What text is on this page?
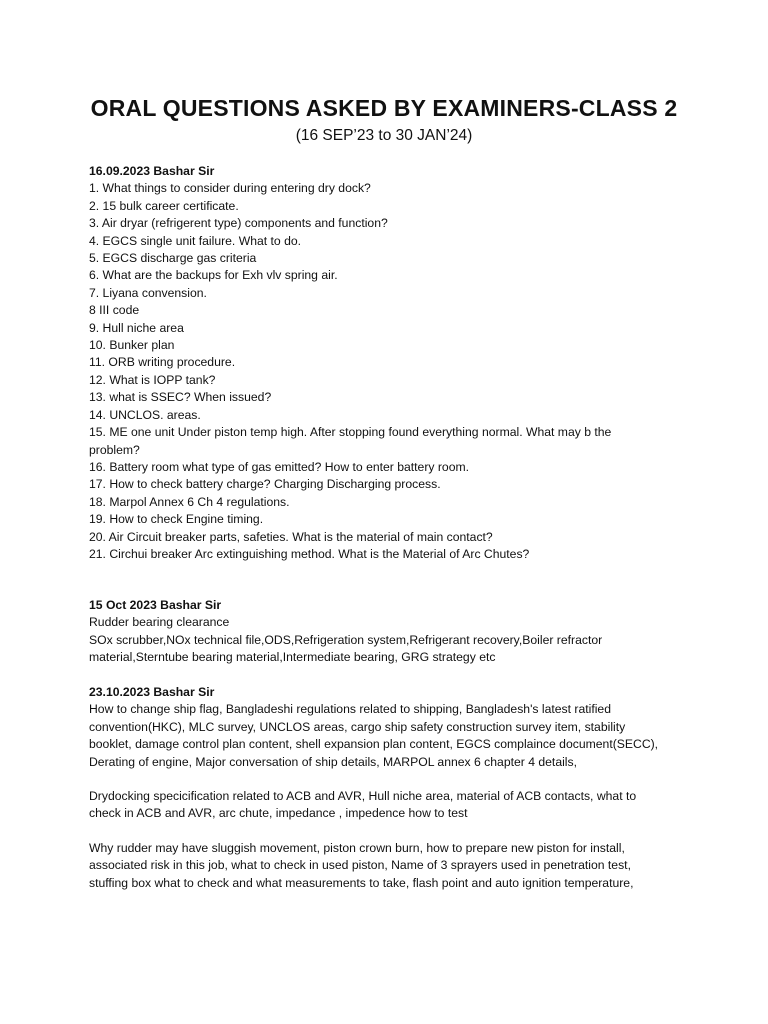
ORAL QUESTIONS ASKED BY EXAMINERS-CLASS 2

(16 SEP’23 to 30 JAN’24)

16.09.2023 Bashar Sir

1. What things to consider during entering dry dock?
2. 15 bulk career certificate.
3. Air dryar (refrigerent type) components and function?
4. EGCS single unit failure. What to do.
5. EGCS discharge gas criteria
6. What are the backups for Exh vlv spring air.
7. Liyana convension.
8 III code
9. Hull niche area
10. Bunker plan
11. ORB writing procedure.
12. What is IOPP tank?
13. what is SSEC? When issued?
14. UNCLOS. areas.
15. ME one unit Under piston temp high. After stopping found everything normal. What may b the
problem?
16. Battery room what type of gas emitted? How to enter battery room.
17. How to check battery charge? Charging Discharging process.
18. Marpol Annex 6 Ch 4 regulations.
19. How to check Engine timing.
20. Air Circuit breaker parts, safeties. What is the material of main contact?
21. Circhui breaker Arc extinguishing method. What is the Material of Arc Chutes?

15 Oct 2023 Bashar Sir

Rudder bearing clearance

SOx scrubber,NOx technical file,ODS,Refrigeration system,Refrigerant recovery,Boiler refractor

material,Sterntube bearing material,Intermediate bearing, GRG strategy etc

23.10.2023 Bashar Sir

How to change ship flag, Bangladeshi regulations related to shipping, Bangladesh's latest ratified

convention(HKC), MLC survey, UNCLOS areas, cargo ship safety construction survey item, stability

booklet, damage control plan content, shell expansion plan content, EGCS complaince document(SECC),

Derating of engine, Major conversation of ship details, MARPOL annex 6 chapter 4 details,

Drydocking specicification related to ACB and AVR, Hull niche area, material of ACB contacts, what to

check in ACB and AVR, arc chute, impedance , impedence how to test

Why rudder may have sluggish movement, piston crown burn, how to prepare new piston for install,

associated risk in this job, what to check in used piston, Name of 3 sprayers used in penetration test,

stuffing box what to check and what measurements to take, flash point and auto ignition temperature,
